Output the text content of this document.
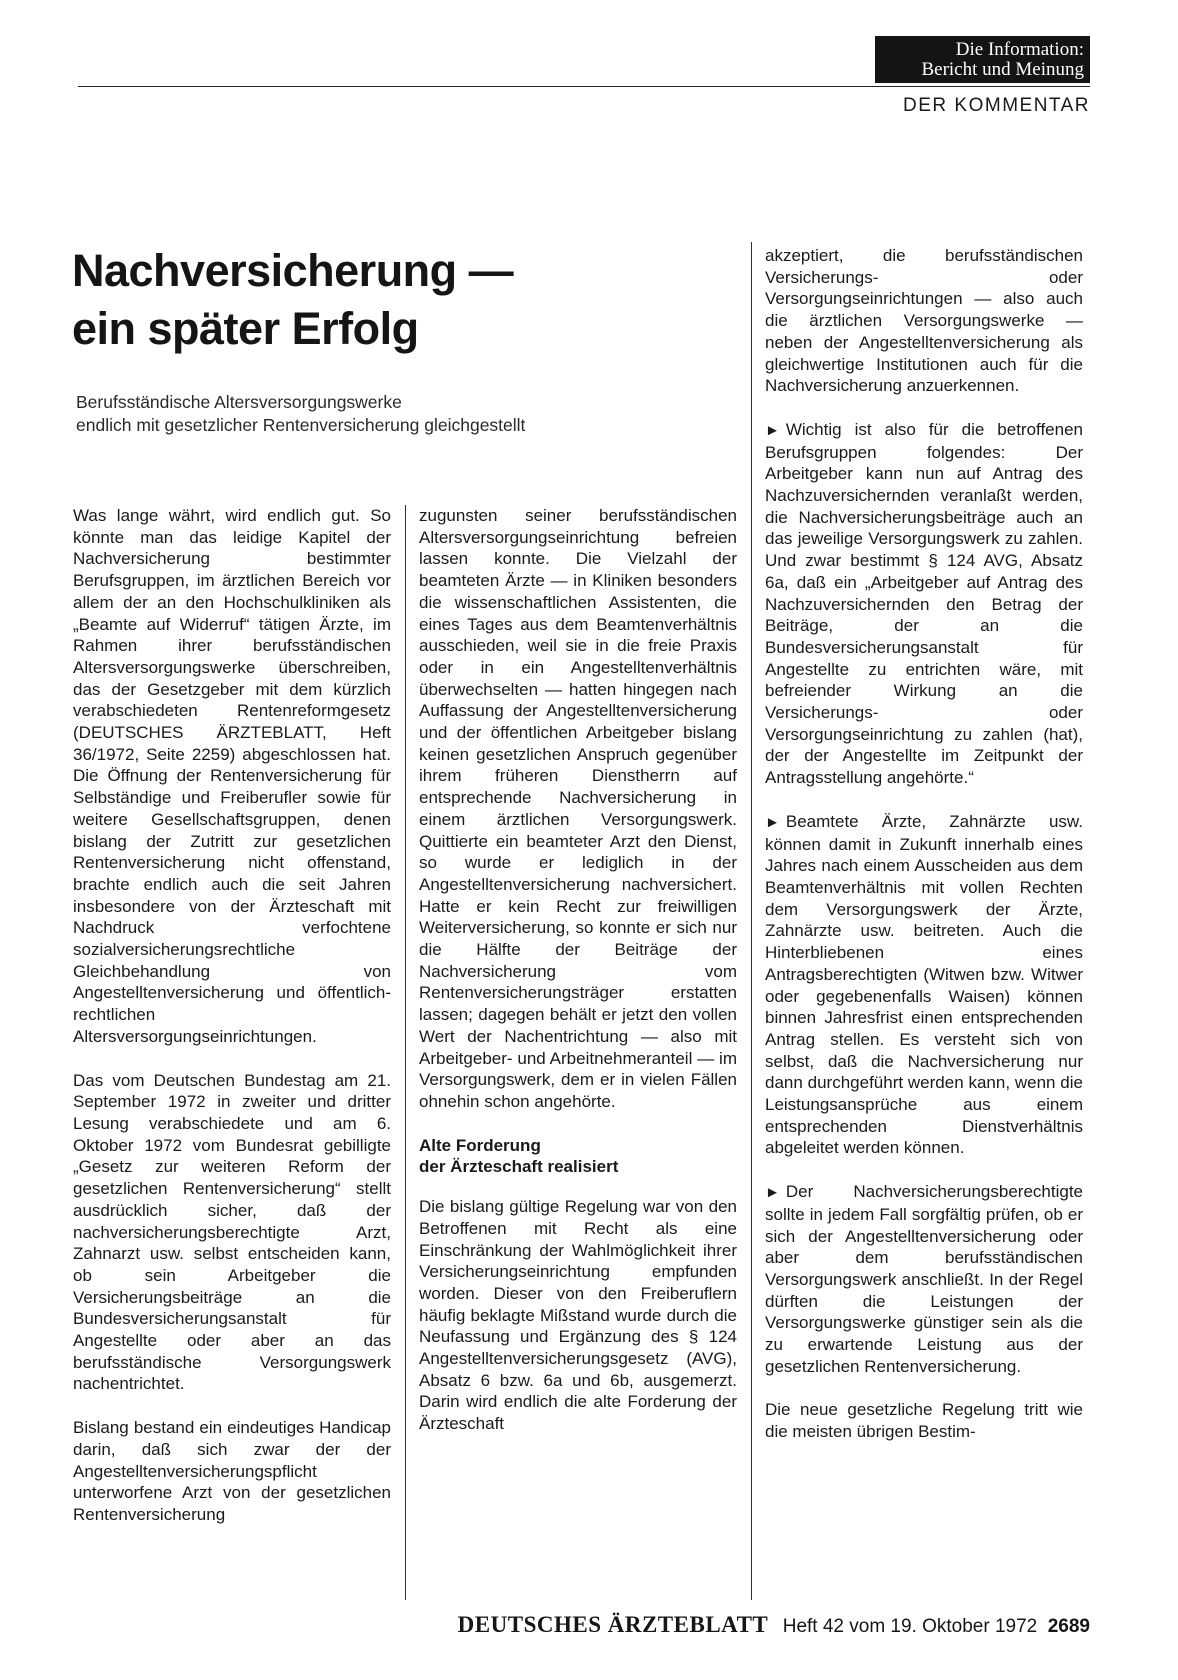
Die Information:
Bericht und Meinung
DER KOMMENTAR
Nachversicherung —
ein später Erfolg
Berufsständische Altersversorgungswerke
endlich mit gesetzlicher Rentenversicherung gleichgestellt

Was lange währt, wird endlich gut. So könnte man das leidige Kapitel der Nachversicherung bestimmter Berufsgruppen, im ärztlichen Bereich vor allem der an den Hochschulkliniken als „Beamte auf Widerruf“ tätigen Ärzte, im Rahmen ihrer berufsständischen Altersversorgungswerke überschreiben, das der Gesetzgeber mit dem kürzlich verabschiedeten Rentenreformgesetz (DEUTSCHES ÄRZTEBLATT, Heft 36/1972, Seite 2259) abgeschlossen hat. Die Öffnung der Rentenversicherung für Selbständige und Freiberufler sowie für weitere Gesellschaftsgruppen, denen bislang der Zutritt zur gesetzlichen Rentenversicherung nicht offenstand, brachte endlich auch die seit Jahren insbesondere von der Ärzteschaft mit Nachdruck verfochtene sozialversicherungsrechtliche Gleichbehandlung von Angestelltenversicherung und öffentlich-rechtlichen Altersversorgungseinrichtungen.

Das vom Deutschen Bundestag am 21. September 1972 in zweiter und dritter Lesung verabschiedete und am 6. Oktober 1972 vom Bundesrat gebilligte „Gesetz zur weiteren Reform der gesetzlichen Rentenversicherung“ stellt ausdrücklich sicher, daß der nachversicherungsberechtigte Arzt, Zahnarzt usw. selbst entscheiden kann, ob sein Arbeitgeber die Versicherungsbeiträge an die Bundesversicherungsanstalt für Angestellte oder aber an das berufsständische Versorgungswerk nachentrichtet.

Bislang bestand ein eindeutiges Handicap darin, daß sich zwar der der Angestelltenversicherungspflicht unterworfene Arzt von der gesetzlichen Rentenversicherung

zugunsten seiner berufsständischen Altersversorgungseinrichtung befreien lassen konnte. Die Vielzahl der beamteten Ärzte — in Kliniken besonders die wissenschaftlichen Assistenten, die eines Tages aus dem Beamtenverhältnis ausschieden, weil sie in die freie Praxis oder in ein Angestelltenverhältnis überwechselten — hatten hingegen nach Auffassung der Angestelltenversicherung und der öffentlichen Arbeitgeber bislang keinen gesetzlichen Anspruch gegenüber ihrem früheren Dienstherrn auf entsprechende Nachversicherung in einem ärztlichen Versorgungswerk. Quittierte ein beamteter Arzt den Dienst, so wurde er lediglich in der Angestelltenversicherung nachversichert. Hatte er kein Recht zur freiwilligen Weiterversicherung, so konnte er sich nur die Hälfte der Beiträge der Nachversicherung vom Rentenversicherungsträger erstatten lassen; dagegen behält er jetzt den vollen Wert der Nachentrichtung — also mit Arbeitgeber- und Arbeitnehmeranteil — im Versorgungswerk, dem er in vielen Fällen ohnehin schon angehörte.

Alte Forderung
der Ärzteschaft realisiert

Die bislang gültige Regelung war von den Betroffenen mit Recht als eine Einschränkung der Wahlmöglichkeit ihrer Versicherungseinrichtung empfunden worden. Dieser von den Freiberuflern häufig beklagte Mißstand wurde durch die Neufassung und Ergänzung des § 124 Angestelltenversicherungsgesetz (AVG), Absatz 6 bzw. 6a und 6b, ausgemerzt. Darin wird endlich die alte Forderung der Ärzteschaft

akzeptiert, die berufsständischen Versicherungs- oder Versorgungseinrichtungen — also auch die ärztlichen Versorgungswerke — neben der Angestelltenversicherung als gleichwertige Institutionen auch für die Nachversicherung anzuerkennen.

► Wichtig ist also für die betroffenen Berufsgruppen folgendes: Der Arbeitgeber kann nun auf Antrag des Nachzuversichernden veranlaßt werden, die Nachversicherungsbeiträge auch an das jeweilige Versorgungswerk zu zahlen. Und zwar bestimmt § 124 AVG, Absatz 6a, daß ein „Arbeitgeber auf Antrag des Nachzuversichernden den Betrag der Beiträge, der an die Bundesversicherungsanstalt für Angestellte zu entrichten wäre, mit befreiender Wirkung an die Versicherungs- oder Versorgungseinrichtung zu zahlen (hat), der der Angestellte im Zeitpunkt der Antragsstellung angehörte.“

► Beamtete Ärzte, Zahnärzte usw. können damit in Zukunft innerhalb eines Jahres nach einem Ausscheiden aus dem Beamtenverhältnis mit vollen Rechten dem Versorgungswerk der Ärzte, Zahnärzte usw. beitreten. Auch die Hinterbliebenen eines Antragsberechtigten (Witwen bzw. Witwer oder gegebenenfalls Waisen) können binnen Jahresfrist einen entsprechenden Antrag stellen. Es versteht sich von selbst, daß die Nachversicherung nur dann durchgeführt werden kann, wenn die Leistungsansprüche aus einem entsprechenden Dienstverhältnis abgeleitet werden können.

► Der Nachversicherungsberechtigte sollte in jedem Fall sorgfältig prüfen, ob er sich der Angestelltenversicherung oder aber dem berufsständischen Versorgungswerk anschließt. In der Regel dürften die Leistungen der Versorgungswerke günstiger sein als die zu erwartende Leistung aus der gesetzlichen Rentenversicherung.

Die neue gesetzliche Regelung tritt wie die meisten übrigen Bestim-

DEUTSCHES ÄRZTEBLATT Heft 42 vom 19. Oktober 1972 2689
